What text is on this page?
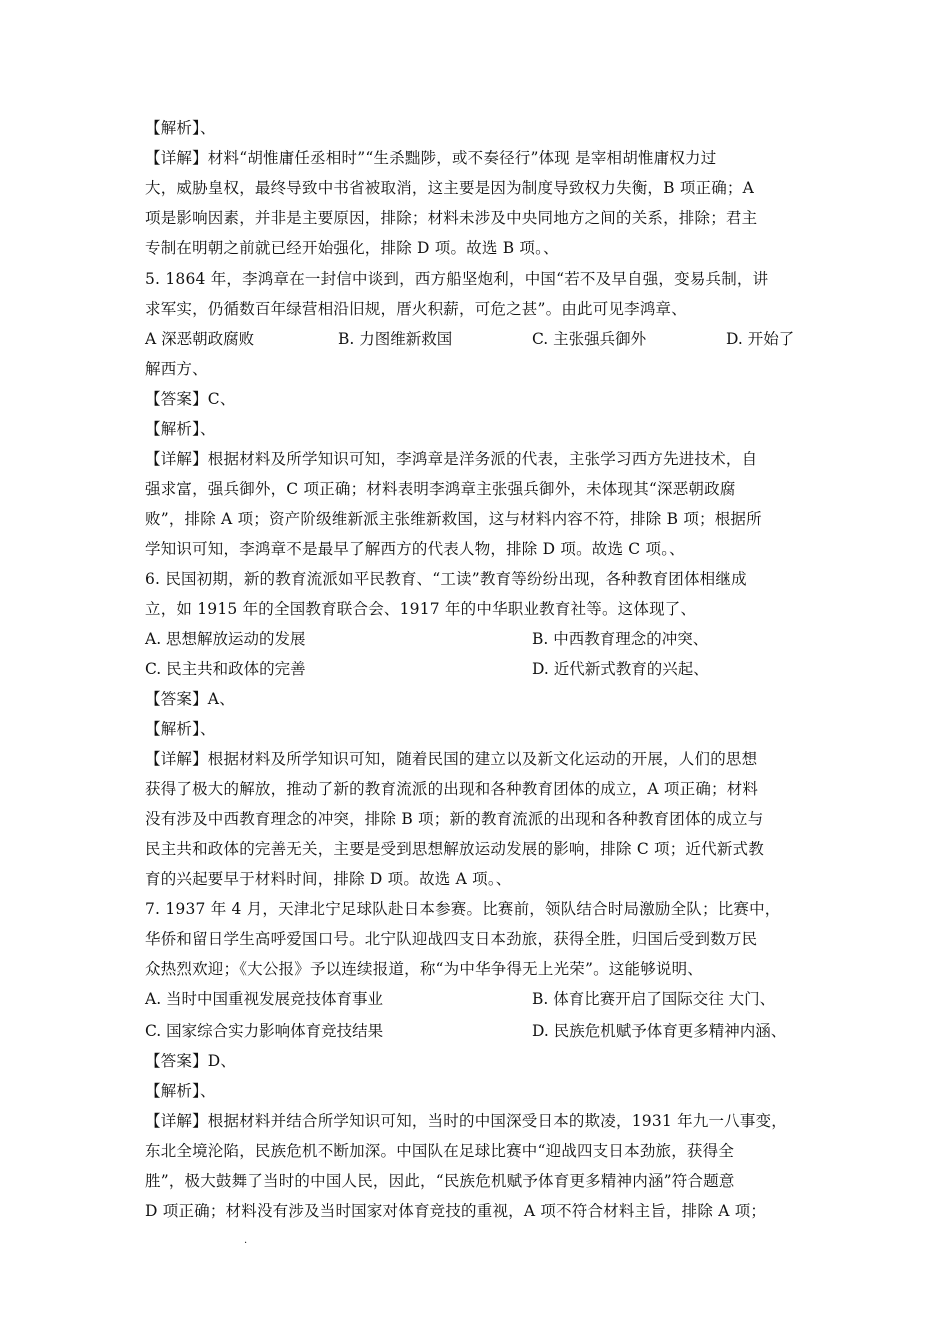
【解析】、
【详解】材料“胡惟庸任丞相时”“生杀黜陟，或不奏径行”体现 是宰相胡惟庸权力过
大，威胁皇权，最终导致中书省被取消，这主要是因为制度导致权力失衡，B 项正确；A
项是影响因素，并非是主要原因，排除；材料未涉及中央同地方之间的关系，排除；君主
专制在明朝之前就已经开始强化，排除 D 项。故选 B 项。、
5. 1864 年，李鸿章在一封信中谈到，西方船坚炮利，中国“若不及早自强，变易兵制，讲
求军实，仍循数百年绿营相沿旧规，厝火积薪，可危之甚”。由此可见李鸿章、
A 深恶朝政腐败	B. 力图维新救国	C. 主张强兵御外	D. 开始了
解西方、
【答案】C、
【解析】、
【详解】根据材料及所学知识可知，李鸿章是洋务派的代表，主张学习西方先进技术，自
强求富，强兵御外，C 项正确；材料表明李鸿章主张强兵御外，未体现其“深恶朝政腐
败”，排除 A 项；资产阶级维新派主张维新救国，这与材料内容不符，排除 B 项；根据所
学知识可知，李鸿章不是最早了解西方的代表人物，排除 D 项。故选 C 项。、
6. 民国初期，新的教育流派如平民教育、“工读”教育等纷纷出现，各种教育团体相继成
立，如 1915 年的全国教育联合会、1917 年的中华职业教育社等。这体现了、
A. 思想解放运动的发展	B. 中西教育理念的冲突、
C. 民主共和政体的完善	D. 近代新式教育的兴起、
【答案】A、
【解析】、
【详解】根据材料及所学知识可知，随着民国的建立以及新文化运动的开展，人们的思想
获得了极大的解放，推动了新的教育流派的出现和各种教育团体的成立，A 项正确；材料
没有涉及中西教育理念的冲突，排除 B 项；新的教育流派的出现和各种教育团体的成立与
民主共和政体的完善无关，主要是受到思想解放运动发展的影响，排除 C 项；近代新式教
育的兴起要早于材料时间，排除 D 项。故选 A 项。、
7. 1937 年 4 月，天津北宁足球队赴日本参赛。比赛前，领队结合时局激励全队；比赛中，
华侨和留日学生高呼爱国口号。北宁队迎战四支日本劲旅，获得全胜，归国后受到数万民
众热烈欢迎；《大公报》予以连续报道，称“为中华争得无上光荣”。这能够说明、
A. 当时中国重视发展竞技体育事业	B. 体育比赛开启了国际交往 大门、
C. 国家综合实力影响体育竞技结果	D. 民族危机赋予体育更多精神内涵、
【答案】D、
【解析】、
【详解】根据材料并结合所学知识可知，当时的中国深受日本的欺凌，1931 年九一八事变，
东北全境沦陷，民族危机不断加深。中国队在足球比赛中“迎战四支日本劲旅，获得全
胜”，极大鼓舞了当时的中国人民，因此，“民族危机赋予体育更多精神内涵”符合题意
D 项正确；材料没有涉及当时国家对体育竞技的重视，A 项不符合材料主旨，排除 A 项；
.
